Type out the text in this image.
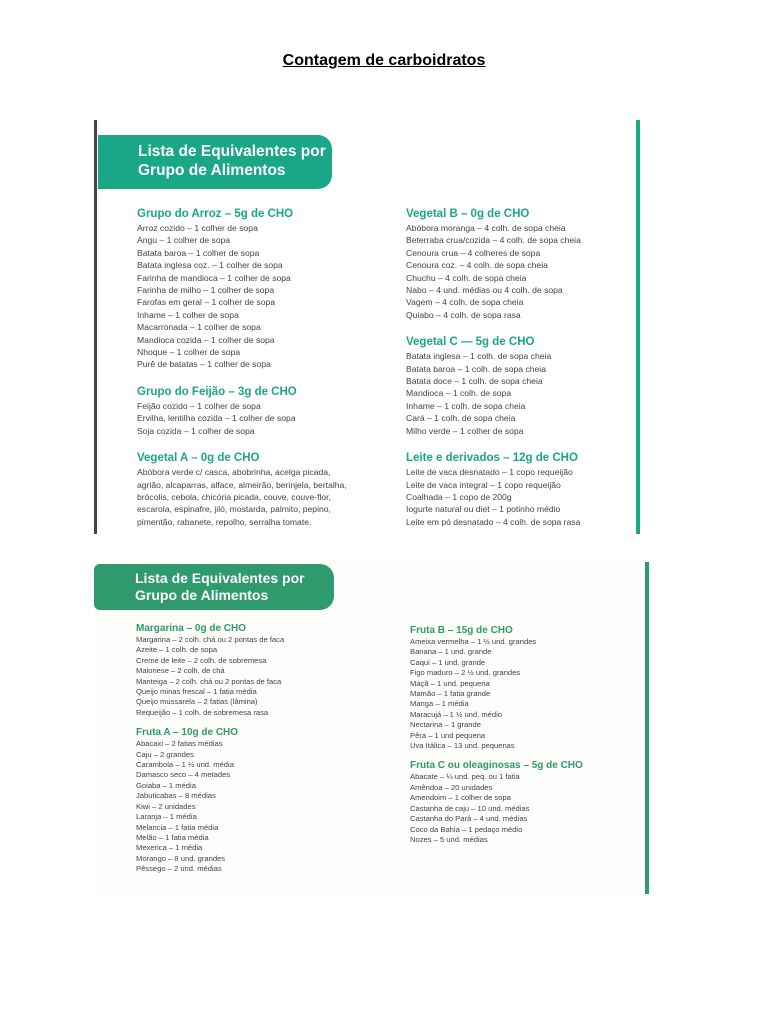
Contagem de carboidratos
Lista de Equivalentes por
Grupo de Alimentos
Grupo do Arroz – 5g de CHO
Arroz cozido – 1 colher de sopa
Angu – 1 colher de sopa
Batata baroa – 1 colher de sopa
Batata inglesa coz. – 1 colher de sopa
Farinha de mandioca – 1 colher de sopa
Farinha de milho – 1 colher de sopa
Farofas em geral – 1 colher de sopa
Inhame – 1 colher de sopa
Macarronada – 1 colher de sopa
Mandioca cozida – 1 colher de sopa
Nhoque – 1 colher de sopa
Purê de batatas – 1 colher de sopa
Grupo do Feijão – 3g de CHO
Feijão cozido – 1 colher de sopa
Ervilha, lentilha cozida – 1 colher de sopa
Soja cozida – 1 colher de sopa
Vegetal A – 0g de CHO
Abóbora verde c/ casca, abobrinha, acelga picada,
agrião, alcaparras, alface, almeirão, berinjela, bertalha,
brócolis, cebola, chicória picada, couve, couve-flor,
escarola, espinafre, jiló, mostarda, palmito, pepino,
pimentão, rabanete, repolho, serralha tomate.
Vegetal B – 0g de CHO
Abóbora moranga – 4 colh. de sopa cheia
Beterraba crua/cozida – 4 colh. de sopa cheia
Cenoura crua – 4 colheres de sopa
Cenoura coz. – 4 colh. de sopa cheia
Chuchu – 4 colh. de sopa cheia
Nabo – 4 und. médias ou 4 colh. de sopa
Vagem – 4 colh. de sopa cheia
Quiabo – 4 colh. de sopa rasa
Vegetal C — 5g de CHO
Batata inglesa – 1 colh. de sopa cheia
Batata baroa – 1 colh. de sopa cheia
Batata doce – 1 colh. de sopa cheia
Mandioca – 1 colh. de sopa
Inhame – 1 colh. de sopa cheia
Cará – 1 colh. de sopa cheia
Milho verde – 1 colher de sopa
Leite e derivados – 12g de CHO
Leite de vaca desnatado – 1 copo requeijão
Leite de vaca integral – 1 copo requeijão
Coalhada – 1 copo de 200g
Iogurte natural ou diet – 1 potinho médio
Leite em pó desnatado – 4 colh. de sopa rasa
Lista de Equivalentes por
Grupo de Alimentos
Margarina – 0g de CHO
Margarina – 2 colh. chá ou 2 pontas de faca
Azeite – 1 colh. de sopa
Creme de leite – 2 colh. de sobremesa
Maionese – 2 colh. de chá
Manteiga – 2 colh. chá ou 2 pontas de faca
Queijo minas frescal – 1 fatia média
Queijo mussarela – 2 fatias (lâmina)
Requeijão – 1 colh. de sobremesa rasa
Fruta A – 10g de CHO
Abacaxi – 2 fatias médias
Caju – 2 grandes
Carambola – 1 ½ und. média
Damasco seco – 4 metades
Goiaba – 1 média
Jabuticabas – 8 médias
Kiwi – 2 unidades
Laranja – 1 média
Melancia – 1 fatia média
Melão – 1 fatia média
Mexerica – 1 média
Morango – 8 und. grandes
Pêssego – 2 und. médias
Fruta B – 15g de CHO
Ameixa vermelha – 1 ½ und. grandes
Banana – 1 und. grande
Caqui – 1 und. grande
Figo maduro – 2 ½ und. grandes
Maçã – 1 und. pequena
Mamão – 1 fatia grande
Manga – 1 média
Maracujá – 1 ½ und. médio
Nectarina – 1 grande
Pêra – 1 und pequena
Uva Itálica – 13 und. pequenas
Fruta C ou oleaginosas – 5g de CHO
Abacate – ¼ und. peq. ou 1 fatia
Amêndoa – 20 unidades
Amendoim – 1 colher de sopa
Castanha de caju – 10 und. médias
Castanha do Pará – 4 und. médias
Coco da Bahia – 1 pedaço médio
Nozes – 5 und. médias
